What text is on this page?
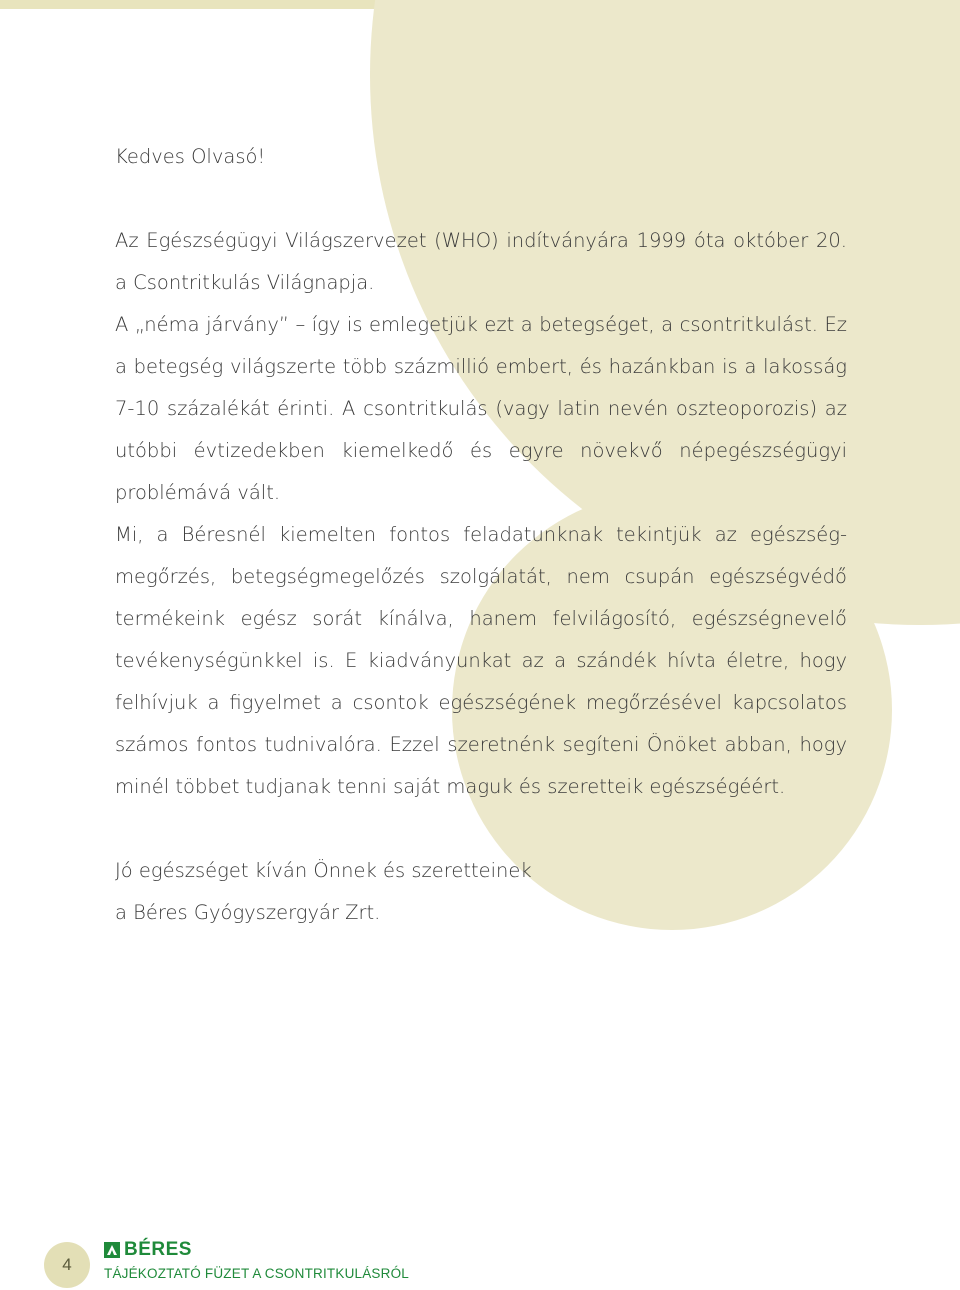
Kedves Olvasó!

Az Egészségügyi Világszervezet (WHO) indítványára 1999 óta október 20. a Csontritkulás Világnapja.

A „néma járvány” – így is emlegetjük ezt a betegséget, a csontritkulást. Ez a betegség világszerte több százmillió embert, és hazánkban is a lakosság 7-10 százalékát érinti. A csontritkulás (vagy latin nevén oszteoporozis) az utóbbi évtizedekben kiemelkedő és egyre növekvő népegészségügyi problémává vált.

Mi, a Béresnél kiemelten fontos feladatunknak tekintjük az egészségmegőrzés, betegségmegelőzés szolgálatát, nem csupán egészségvédő termékeink egész sorát kínálva, hanem felvilágosító, egészségnevelő tevékenységünkkel is. E kiadványunkat az a szándék hívta életre, hogy felhívjuk a figyelmet a csontok egészségének megőrzésével kapcsolatos számos fontos tudnivalóra. Ezzel szeretnénk segíteni Önöket abban, hogy minél többet tudjanak tenni saját maguk és szeretteik egészségéért.

Jó egészséget kíván Önnek és szeretteinek
a Béres Gyógyszergyár Zrt.

4
BÉRES
TÁJÉKOZTATÓ FÜZET A CSONTRITKULÁSRÓL
